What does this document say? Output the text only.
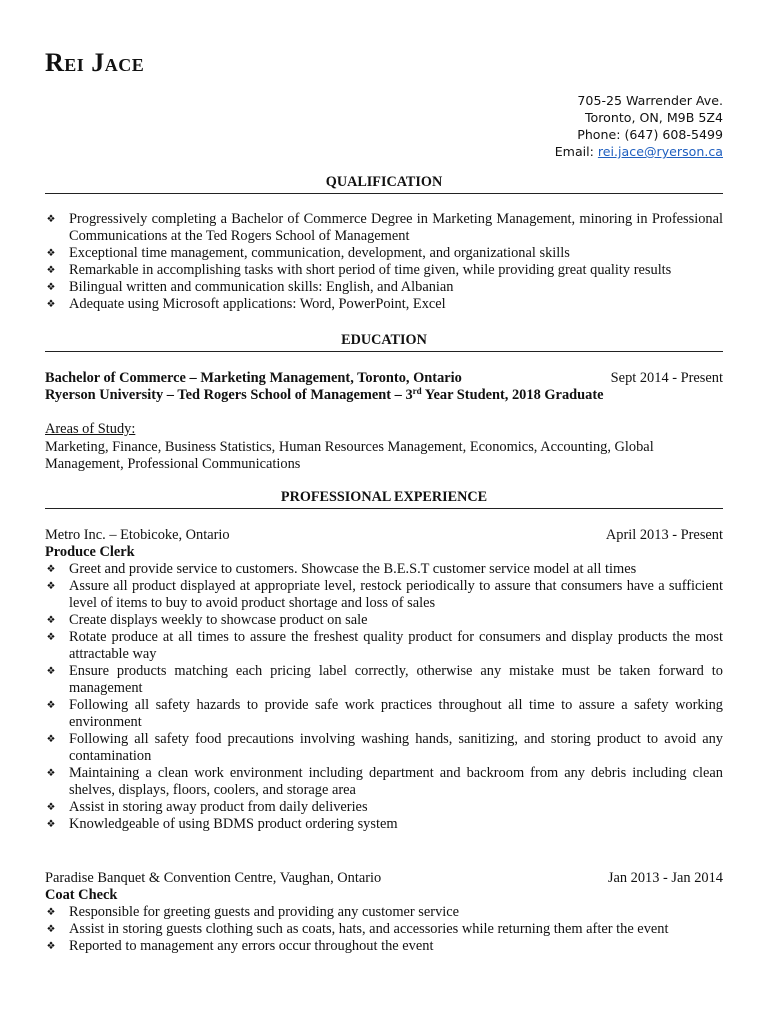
Rei Jace
705-25 Warrender Ave.
Toronto, ON, M9B 5Z4
Phone: (647) 608-5499
Email: rei.jace@ryerson.ca
QUALIFICATION
❖ Progressively completing a Bachelor of Commerce Degree in Marketing Management, minoring in Professional Communications at the Ted Rogers School of Management
❖ Exceptional time management, communication, development, and organizational skills
❖ Remarkable in accomplishing tasks with short period of time given, while providing great quality results
❖ Bilingual written and communication skills: English, and Albanian
❖ Adequate using Microsoft applications: Word, PowerPoint, Excel
EDUCATION
Bachelor of Commerce – Marketing Management, Toronto, Ontario	Sept 2014 - Present
Ryerson University – Ted Rogers School of Management – 3rd Year Student, 2018 Graduate
Areas of Study:
Marketing, Finance, Business Statistics, Human Resources Management, Economics, Accounting, Global
Management, Professional Communications
PROFESSIONAL EXPERIENCE
Metro Inc. – Etobicoke, Ontario	April 2013 - Present
Produce Clerk
❖ Greet and provide service to customers. Showcase the B.E.S.T customer service model at all times
❖ Assure all product displayed at appropriate level, restock periodically to assure that consumers have a sufficient level of items to buy to avoid product shortage and loss of sales
❖ Create displays weekly to showcase product on sale
❖ Rotate produce at all times to assure the freshest quality product for consumers and display products the most attractable way
❖ Ensure products matching each pricing label correctly, otherwise any mistake must be taken forward to management
❖ Following all safety hazards to provide safe work practices throughout all time to assure a safety working environment
❖ Following all safety food precautions involving washing hands, sanitizing, and storing product to avoid any contamination
❖ Maintaining a clean work environment including department and backroom from any debris including clean shelves, displays, floors, coolers, and storage area
❖ Assist in storing away product from daily deliveries
❖ Knowledgeable of using BDMS product ordering system
Paradise Banquet & Convention Centre, Vaughan, Ontario	Jan 2013 - Jan 2014
Coat Check
❖ Responsible for greeting guests and providing any customer service
❖ Assist in storing guests clothing such as coats, hats, and accessories while returning them after the event
❖ Reported to management any errors occur throughout the event
